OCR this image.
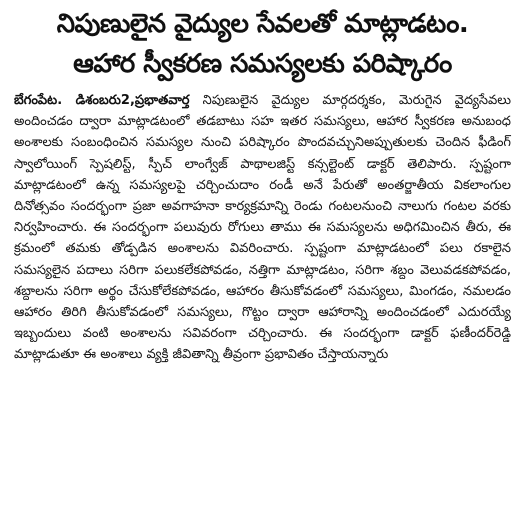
నిపుణులైన వైద్యుల సేవలతో మాట్లాడటం.
ఆహార స్వీకరణ సమస్యలకు పరిష్కారం
బేగంపేట. డిశంబరు2,ప్రభాతవార్త నిపుణులైన వైద్యుల మార్గదర్శకం, మెరుగైన వైద్యసేవలు అందించడం ద్వారా మాట్లాడటంలో తడబాటు సహ ఇతర సమస్యలు, ఆహార స్వీకరణ అనుబంధ అంశాలకు సంబంధించిన సమస్యల నుంచి పరిష్కారం పొందవచ్చునిఅప్పుతులకు చెందిన ఫీడింగ్ స్వాలోయింగ్ స్పెషలిస్ట్, స్పీచ్ లాంగ్వేజ్ పాథాలజిస్ట్ కన్సల్టెంట్ డాక్టర్ తెలిపారు. స్పష్టంగా మాట్లాడటంలో ఉన్న సమస్యలపై చర్చించుదాం రండీ అనే పేరుతో అంతర్జాతీయ వికలాంగుల దినోత్సవం సందర్భంగా ప్రజా అవగాహనా కార్యక్రమాన్ని రెండు గంటలనుంచి నాలుగు గంటల వరకు నిర్వహించారు. ఈ సందర్భంగా పలువురు రోగులు తాము ఈ సమస్యలను అధిగమించిన తీరు, ఈ క్రమంలో తమకు తోడ్పడిన అంశాలను వివరించారు. స్పష్టంగా మాట్లాడటంలో పలు రకాలైన సమస్యలైన పదాలు సరిగా పలుకలేకపోవడం, నత్తిగా మాట్లాడటం, సరిగా శబ్దం వెలువడకపోవడం, శబ్దాలను సరిగా అర్థం చేసుకోలేకపోవడం, ఆహారం తీసుకోవడంలో సమస్యలు, మింగడం, నమలడం ఆహారం తిరిగి తీసుకోవడంలో సమస్యలు, గొట్టం ద్వారా ఆహారాన్ని అందించడంలో ఎదురయ్యే ఇబ్బందులు వంటి అంశాలను సవివరంగా చర్చించారు. ఈ సందర్భంగా డాక్టర్ ఫణీందర్‌రెడ్డి మాట్లాడుతూ ఈ అంశాలు వ్యక్తి జీవితాన్ని తీవ్రంగా ప్రభావితం చేస్తాయన్నారు
